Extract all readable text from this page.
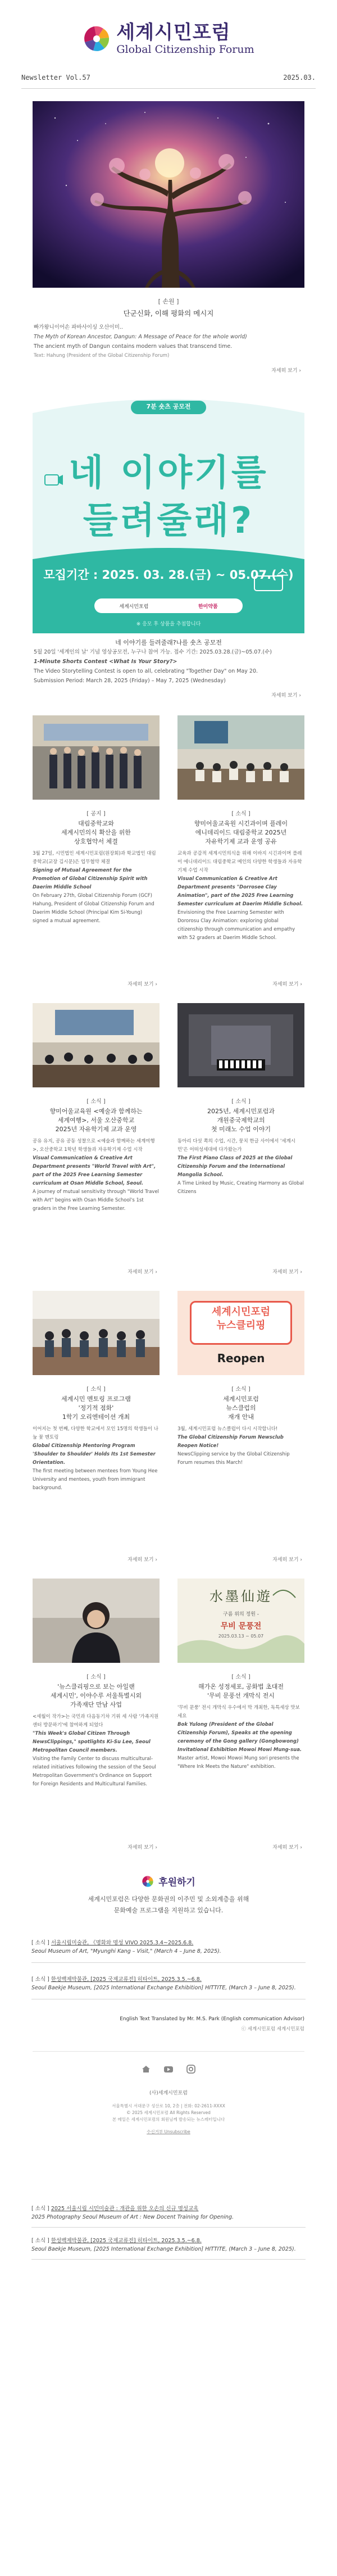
세계시민포럼
Global Citizenship Forum
Newsletter Vol.57	2025.03.
[ 손원 ]
단군신화, 이해 평화의 메시지
빠가왕니이어손 파바사이싱 오산이미..
The Myth of Korean Ancestor, Dangun: A Message of Peace for the whole world)
The ancient myth of Dangun contains modern values that transcend time.
Text: Hahung (President of the Global Citizenship Forum)
자세히 보기 ›
7분 숏츠 공모전
네 이야기를
들려줄래?
모집기간 : 2025. 03. 28.(금) ~ 05.07.(수)
세계시민포럼	한미약품
※ 응모 후 상품을 추첨합니다
네 이야기를 들려줄래?나를 숏츠 공모전
5월 20일 '세계인의 날' 기념 영상공모전, 누구나 참여 가능. 접수 기간: 2025.03.28.(금)~05.07.(수)
1-Minute Shorts Contest <What Is Your Story?>
The Video Storytelling Contest is open to all, celebrating "Together Day" on May 20.
Submission Period: March 28, 2025 (Friday) – May 7, 2025 (Wednesday)
자세히 보기 ›
[ 공지 ]
대림중학교와
세계시민의식 확산을 위한
상호협약서 체결
3월 27일, 시민법인 세계시민포럼(원장회)과 학교법인 대림중학교(교장 김시문)은 업무협약 체결
Signing of Mutual Agreement for the Promotion of Global Citizenship Spirit with Daerim Middle School
On February 27th, Global Citizenship Forum (GCF) Hahung, President of Global Citizenship Forum and Daerim Middle School (Principal Kim Si-Young) signed a mutual agreement.
자세히 보기 ›
[ 소식 ]
향미어울교육원 시긴과이며 플레이
에니데리이드 대림중학교 2025년
자유학기제 교과 운영 공유
교육과 공감적 세계시민의식을 위해 이바지 시긴과이며 플레이 에니데리이드 대림중학교 메인의 다양한 학생들과 자유학기제 수업 시작
Visual Communication & Creative Art Department presents "Dorrosee Clay Animation", part of the 2025 Free Learning Semester curriculum at Daerim Middle School.
Envisioning the Free Learning Semester with Dororosu Clay Animation: exploring global citizenship through communication and empathy with 52 graders at Daerim Middle School.
자세히 보기 ›
[ 소식 ]
향미어울교육원 <예술과 함께하는
세계여행>, 서울 오산중학교
2025년 자유학기제 교과 운영
공유 유지, 공유 공동 성찰으로 <예술과 함께하는 세계여행>, 오산중학교 1학년 학생들과 자유학기제 수업 시작
Visual Communication & Creative Art Department presents "World Travel with Art", part of the 2025 Free Learning Semester curriculum at Osan Middle School, Seoul.
A journey of mutual sensitivity through "World Travel with Art" begins with Osan Middle School's 1st graders in the Free Learning Semester.
자세히 보기 ›
[ 소식 ]
2025년, 세계시민포럼과
개원중국제학교의
첫 미래노 수업 이야기
동아리 다섯 쪽의 수업, 시간, 뭉치 한글 사이에서 '세계시민'은 어떠성세대에 다가왔는가
The First Piano Class of 2025 at the Global Citizenship Forum and the International Mongolia School.
A Time Linked by Music, Creating Harmony as Global Citizens
자세히 보기 ›
[ 소식 ]
세계시민 멘토링 프로그램
'정기적 점화'
1학기 오리엔테이션 개최
이어지는 첫 번째, 다양한 학교에서 모인 15명의 학생들이 나눔 꽃 멘토링
Global Citizenship Mentoring Program 'Shoulder to Shoulder' Holds Its 1st Semester Orientation.
The first meeting between mentees from Young Hee University and mentees, youth from immigrant background.
자세히 보기 ›
세계시민포럼
뉴스클리핑
Reopen
[ 소식 ]
세계시민포럼
뉴스클럽의
재개 안내
3월, 세계시민포럼 뉴스클럽이 다시 시작합니다!
The Global Citizenship Forum Newsclub Reopen Notice!
NewsClipping service by the Global Citizenship Forum resumes this March!
자세히 보기 ›
[ 소식 ]
'뉴스클리핑으로 보는 아일랜
세계시민', 이야수루 서울특별시외
가족재단 만남 사업
<세월이 작가>는 국민과 다음동기차 기위 세 사람 '가족지원센터 방문하기'에 참여하게 되었다
"This Week's Global Citizen Through NewsClippings," spotlights Ki-Su Lee, Seoul Metropolitan Council members.
Visiting the Family Center to discuss multicultural-related initiatives following the session of the Seoul Metropolitan Government's Ordinance on Support for Foreign Residents and Multicultural Families.
자세히 보기 ›
水墨仙遊
구름 위의 정원 -
무비 문풍전
2025.03.13 ~ 05.07
[ 소식 ]
해가온 성정세포, 공화법 초대전
'무비 문풍선 개막식 전시
'무비 문풍' 전시 개막식 우수에서 막 개최한, 독특세상 맛보세요
Bok Yulong (President of the Global Citizenship Forum), Speaks at the opening ceremony of the Gong gallery (Gongbowong) Invitational Exhibition Mowoi Mowi Mung-sua.
Master artist, Mowoi Mowoi Mung sori presents the "Where Ink Meets the Nature" exhibition.
자세히 보기 ›
후원하기
세계시민포럼은 다양한 문화권의 이주민 및 소외계층을 위해
문화예술 프로그램을 지원하고 있습니다.
[ 소식 ] 서울시립미술관, 《명화와 명성 VIVO 2025.3.4~2025.6.8.
Seoul Museum of Art, "Myunghi Kang – Visit," (March 4 – June 8, 2025).
[ 소식 ] 한성백제박물관, [2025 국제교류전] 히타이트, 2025.3.5.~6.8.
Seoul Baekje Museum, [2025 International Exchange Exhibition] HITTITE, (March 3 – June 8, 2025).
English Text Translated by Mr. M.S. Park (English communication Advisor)
ⓒ 세계시민포럼 세계시민포럼
(사)세계시민포럼
서울특별시 서대문구 성산로 10, 2층 | 전화: 02-2611-XXXX
© 2025 세계시민포럼 All Rights Reserved
본 메일은 세계시민포럼의 회원님께 발송되는 뉴스레터입니다
수신거부 Unsubscribe
[ 소식 ] 2025 서울시립 시민미술관 : 개관을 위한 오손의 신규 명성교육
2025 Photography Seoul Museum of Art : New Docent Training for Opening.
[ 소식 ] 한성백제박물관, [2025 국제교류전] 히타이트, 2025.3.5.~6.8.
Seoul Baekje Museum, [2025 International Exchange Exhibition] HITTITE, (March 3 – June 8, 2025).
